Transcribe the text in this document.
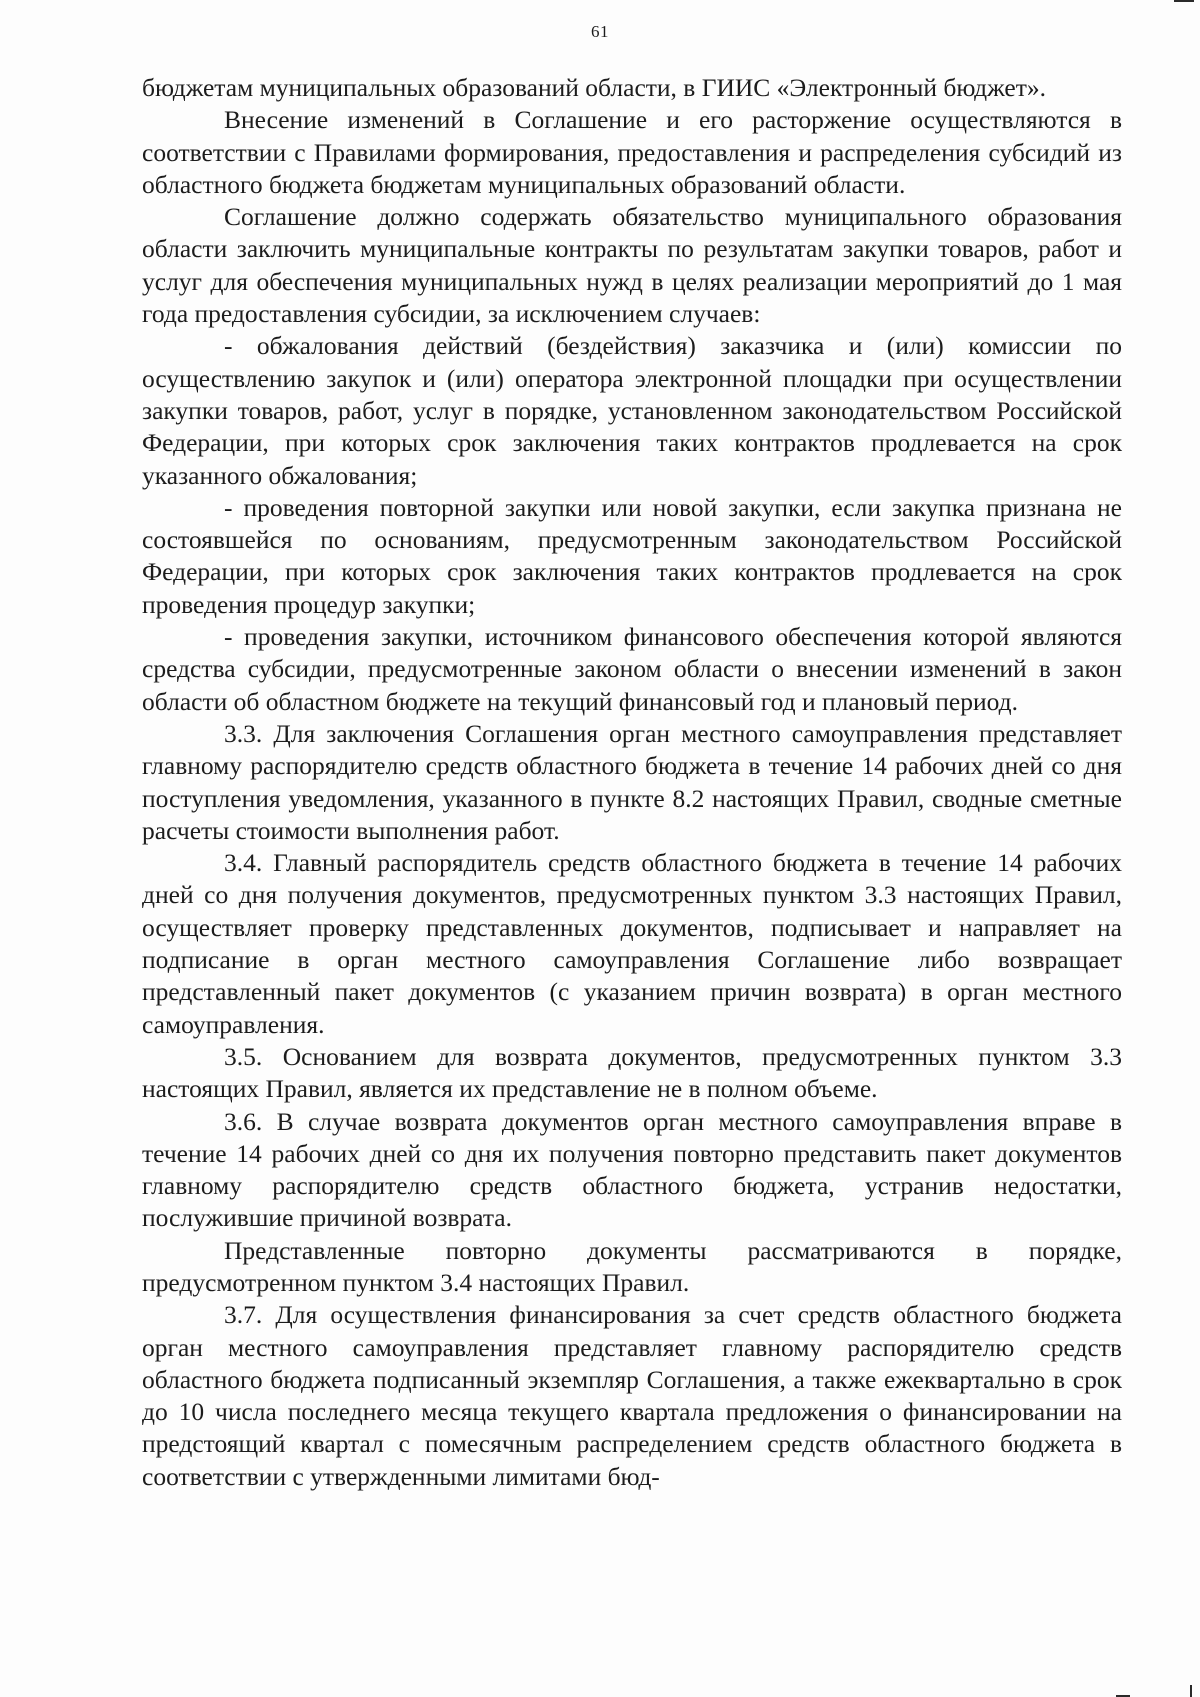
61

бюджетам муниципальных образований области, в ГИИС «Электронный бюджет».

Внесение изменений в Соглашение и его расторжение осуществляются в соответствии с Правилами формирования, предоставления и распределения субсидий из областного бюджета бюджетам муниципальных образований области.

Соглашение должно содержать обязательство муниципального образования области заключить муниципальные контракты по результатам закупки товаров, работ и услуг для обеспечения муниципальных нужд в целях реализации мероприятий до 1 мая года предоставления субсидии, за исключением случаев:

- обжалования действий (бездействия) заказчика и (или) комиссии по осуществлению закупок и (или) оператора электронной площадки при осуществлении закупки товаров, работ, услуг в порядке, установленном законодательством Российской Федерации, при которых срок заключения таких контрактов продлевается на срок указанного обжалования;

- проведения повторной закупки или новой закупки, если закупка признана не состоявшейся по основаниям, предусмотренным законодательством Российской Федерации, при которых срок заключения таких контрактов продлевается на срок проведения процедур закупки;

- проведения закупки, источником финансового обеспечения которой являются средства субсидии, предусмотренные законом области о внесении изменений в закон области об областном бюджете на текущий финансовый год и плановый период.

3.3. Для заключения Соглашения орган местного самоуправления представляет главному распорядителю средств областного бюджета в течение 14 рабочих дней со дня поступления уведомления, указанного в пункте 8.2 настоящих Правил, сводные сметные расчеты стоимости выполнения работ.

3.4. Главный распорядитель средств областного бюджета в течение 14 рабочих дней со дня получения документов, предусмотренных пунктом 3.3 настоящих Правил, осуществляет проверку представленных документов, подписывает и направляет на подписание в орган местного самоуправления Соглашение либо возвращает представленный пакет документов (с указанием причин возврата) в орган местного самоуправления.

3.5. Основанием для возврата документов, предусмотренных пунктом 3.3 настоящих Правил, является их представление не в полном объеме.

3.6. В случае возврата документов орган местного самоуправления вправе в течение 14 рабочих дней со дня их получения повторно представить пакет документов главному распорядителю средств областного бюджета, устранив недостатки, послужившие причиной возврата.

Представленные повторно документы рассматриваются в порядке, предусмотренном пунктом 3.4 настоящих Правил.

3.7. Для осуществления финансирования за счет средств областного бюджета орган местного самоуправления представляет главному распорядителю средств областного бюджета подписанный экземпляр Соглашения, а также ежеквартально в срок до 10 числа последнего месяца текущего квартала предложения о финансировании на предстоящий квартал с помесячным распределением средств областного бюджета в соответствии с утвержденными лимитами бюд-
